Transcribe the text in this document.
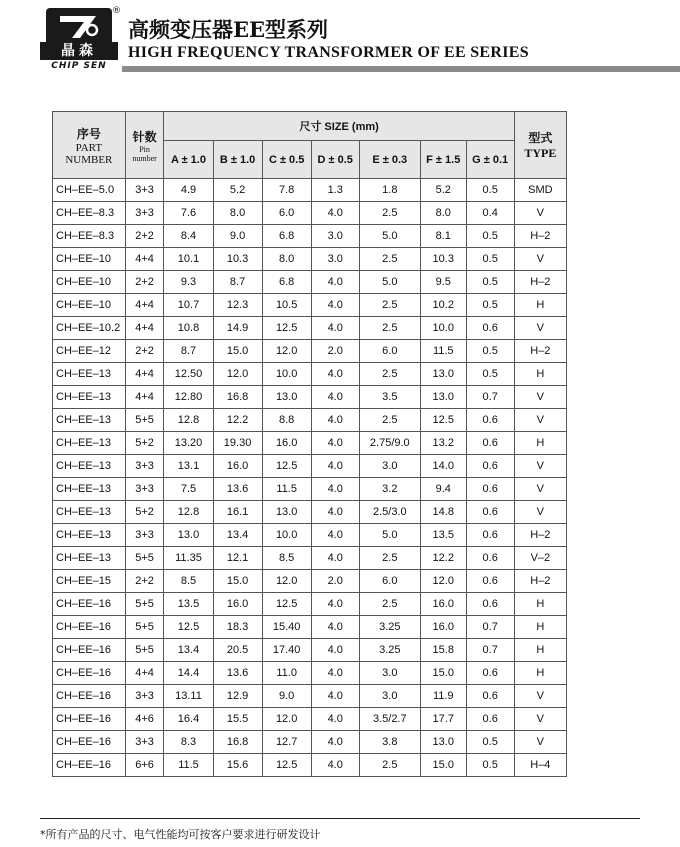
®
晶森
CHIP SEN
高频变压器EE型系列
HIGH FREQUENCY TRANSFORMER OF EE SERIES
序号
PART
NUMBER	针数
Pin
number	尺寸 SIZE (mm)							型式
TYPE

		A ± 1.0	B ± 1.0	C ± 0.5	D ± 0.5	E ± 0.3	F ± 1.5	G ± 0.1	
CH–EE–5.0	3+3	4.9	5.2	7.8	1.3	1.8	5.2	0.5	SMD
CH–EE–8.3	3+3	7.6	8.0	6.0	4.0	2.5	8.0	0.4	V
CH–EE–8.3	2+2	8.4	9.0	6.8	3.0	5.0	8.1	0.5	H–2
CH–EE–10	4+4	10.1	10.3	8.0	3.0	2.5	10.3	0.5	V
CH–EE–10	2+2	9.3	8.7	6.8	4.0	5.0	9.5	0.5	H–2
CH–EE–10	4+4	10.7	12.3	10.5	4.0	2.5	10.2	0.5	H
CH–EE–10.2	4+4	10.8	14.9	12.5	4.0	2.5	10.0	0.6	V
CH–EE–12	2+2	8.7	15.0	12.0	2.0	6.0	11.5	0.5	H–2
CH–EE–13	4+4	12.50	12.0	10.0	4.0	2.5	13.0	0.5	H
CH–EE–13	4+4	12.80	16.8	13.0	4.0	3.5	13.0	0.7	V
CH–EE–13	5+5	12.8	12.2	8.8	4.0	2.5	12.5	0.6	V
CH–EE–13	5+2	13.20	19.30	16.0	4.0	2.75/9.0	13.2	0.6	H
CH–EE–13	3+3	13.1	16.0	12.5	4.0	3.0	14.0	0.6	V
CH–EE–13	3+3	7.5	13.6	11.5	4.0	3.2	9.4	0.6	V
CH–EE–13	5+2	12.8	16.1	13.0	4.0	2.5/3.0	14.8	0.6	V
CH–EE–13	3+3	13.0	13.4	10.0	4.0	5.0	13.5	0.6	H–2
CH–EE–13	5+5	11.35	12.1	8.5	4.0	2.5	12.2	0.6	V–2
CH–EE–15	2+2	8.5	15.0	12.0	2.0	6.0	12.0	0.6	H–2
CH–EE–16	5+5	13.5	16.0	12.5	4.0	2.5	16.0	0.6	H
CH–EE–16	5+5	12.5	18.3	15.40	4.0	3.25	16.0	0.7	H
CH–EE–16	5+5	13.4	20.5	17.40	4.0	3.25	15.8	0.7	H
CH–EE–16	4+4	14.4	13.6	11.0	4.0	3.0	15.0	0.6	H
CH–EE–16	3+3	13.11	12.9	9.0	4.0	3.0	11.9	0.6	V
CH–EE–16	4+6	16.4	15.5	12.0	4.0	3.5/2.7	17.7	0.6	V
CH–EE–16	3+3	8.3	16.8	12.7	4.0	3.8	13.0	0.5	V
CH–EE–16	6+6	11.5	15.6	12.5	4.0	2.5	15.0	0.5	H–4
*所有产品的尺寸、电气性能均可按客户要求进行研发设计
